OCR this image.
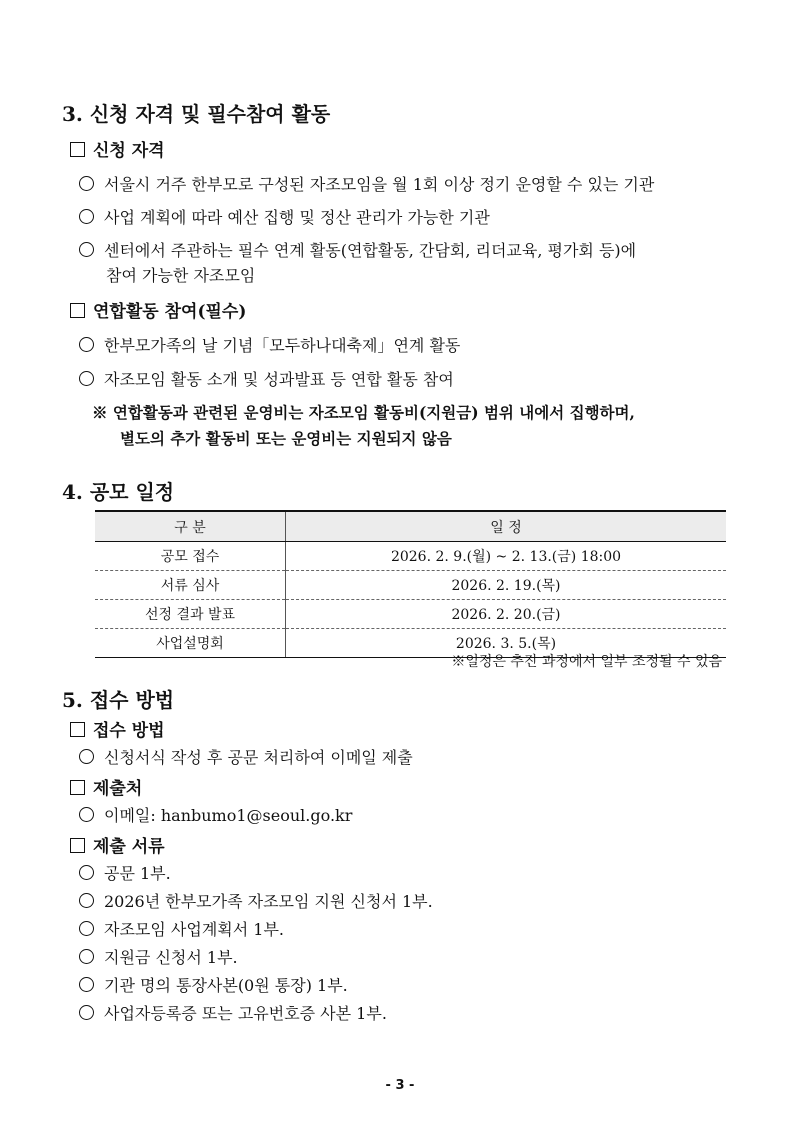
3. 신청 자격 및 필수참여 활동
신청 자격
서울시 거주 한부모로 구성된 자조모임을 월 1회 이상 정기 운영할 수 있는 기관
사업 계획에 따라 예산 집행 및 정산 관리가 가능한 기관
센터에서 주관하는 필수 연계 활동(연합활동, 간담회, 리더교육, 평가회 등)에
참여 가능한 자조모임
연합활동 참여(필수)
한부모가족의 날 기념「모두하나대축제」연계 활동
자조모임 활동 소개 및 성과발표 등 연합 활동 참여
※ 연합활동과 관련된 운영비는 자조모임 활동비(지원금) 범위 내에서 집행하며,
별도의 추가 활동비 또는 운영비는 지원되지 않음
4. 공모 일정
구 분	일 정
공모 접수	2026. 2. 9.(월) ~ 2. 13.(금) 18:00
서류 심사	2026. 2. 19.(목)
선정 결과 발표	2026. 2. 20.(금)
사업설명회	2026. 3. 5.(목)
※일정은 추진 과정에서 일부 조정될 수 있음
5. 접수 방법
접수 방법
신청서식 작성 후 공문 처리하여 이메일 제출
제출처
이메일: hanbumo1@seoul.go.kr
제출 서류
공문 1부.
2026년 한부모가족 자조모임 지원 신청서 1부.
자조모임 사업계획서 1부.
지원금 신청서 1부.
기관 명의 통장사본(0원 통장) 1부.
사업자등록증 또는 고유번호증 사본 1부.
- 3 -
